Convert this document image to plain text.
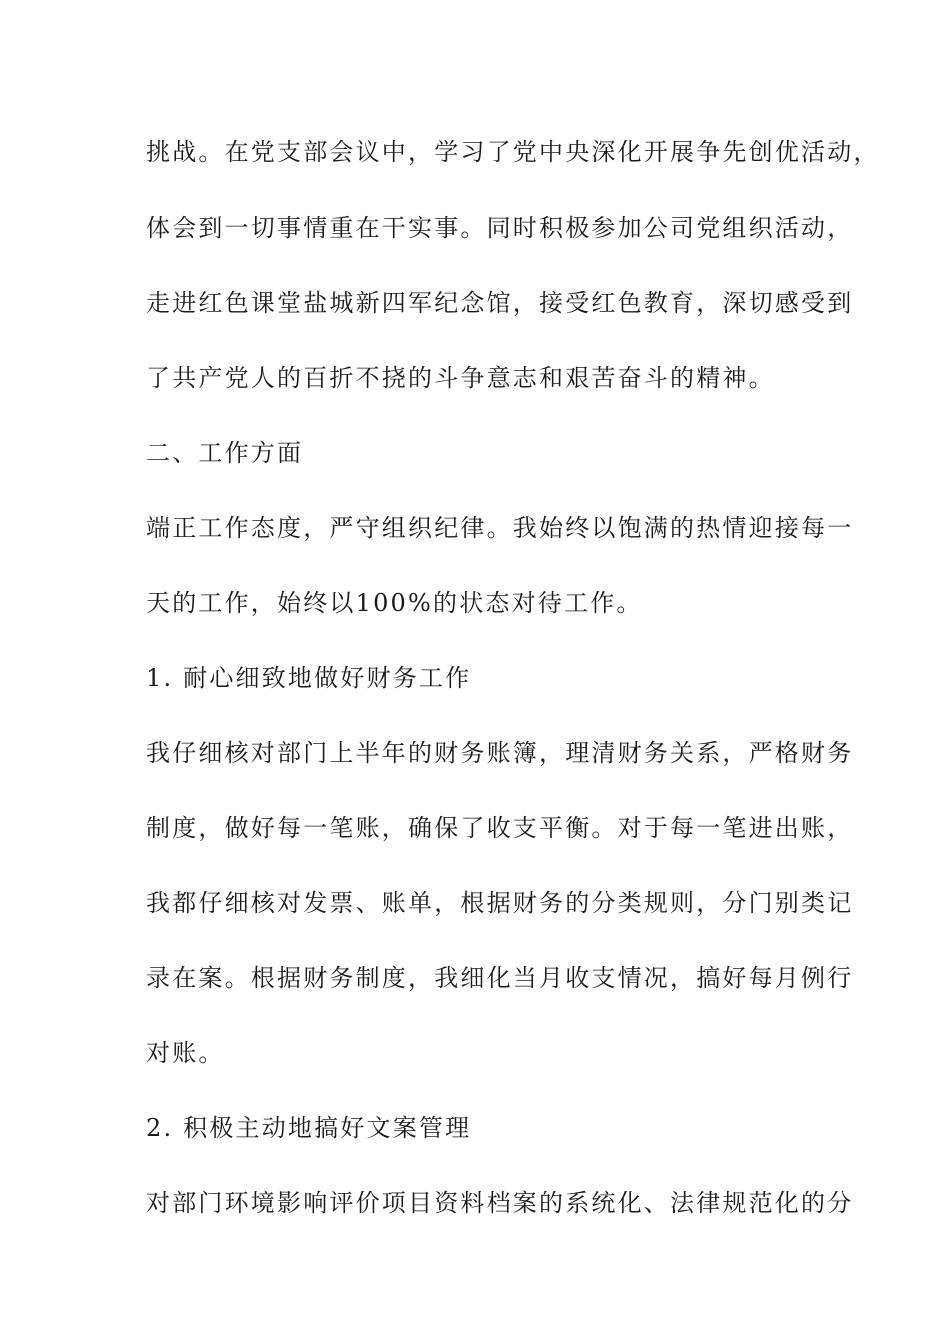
挑战。在党支部会议中，学习了党中央深化开展争先创优活动，
体会到一切事情重在干实事。同时积极参加公司党组织活动，
走进红色课堂盐城新四军纪念馆，接受红色教育，深切感受到
了共产党人的百折不挠的斗争意志和艰苦奋斗的精神。
二、工作方面
端正工作态度，严守组织纪律。我始终以饱满的热情迎接每一
天的工作，始终以100%的状态对待工作。
1. 耐心细致地做好财务工作
我仔细核对部门上半年的财务账簿，理清财务关系，严格财务
制度，做好每一笔账，确保了收支平衡。对于每一笔进出账，
我都仔细核对发票、账单，根据财务的分类规则，分门别类记
录在案。根据财务制度，我细化当月收支情况，搞好每月例行
对账。
2. 积极主动地搞好文案管理
对部门环境影响评价项目资料档案的系统化、法律规范化的分
